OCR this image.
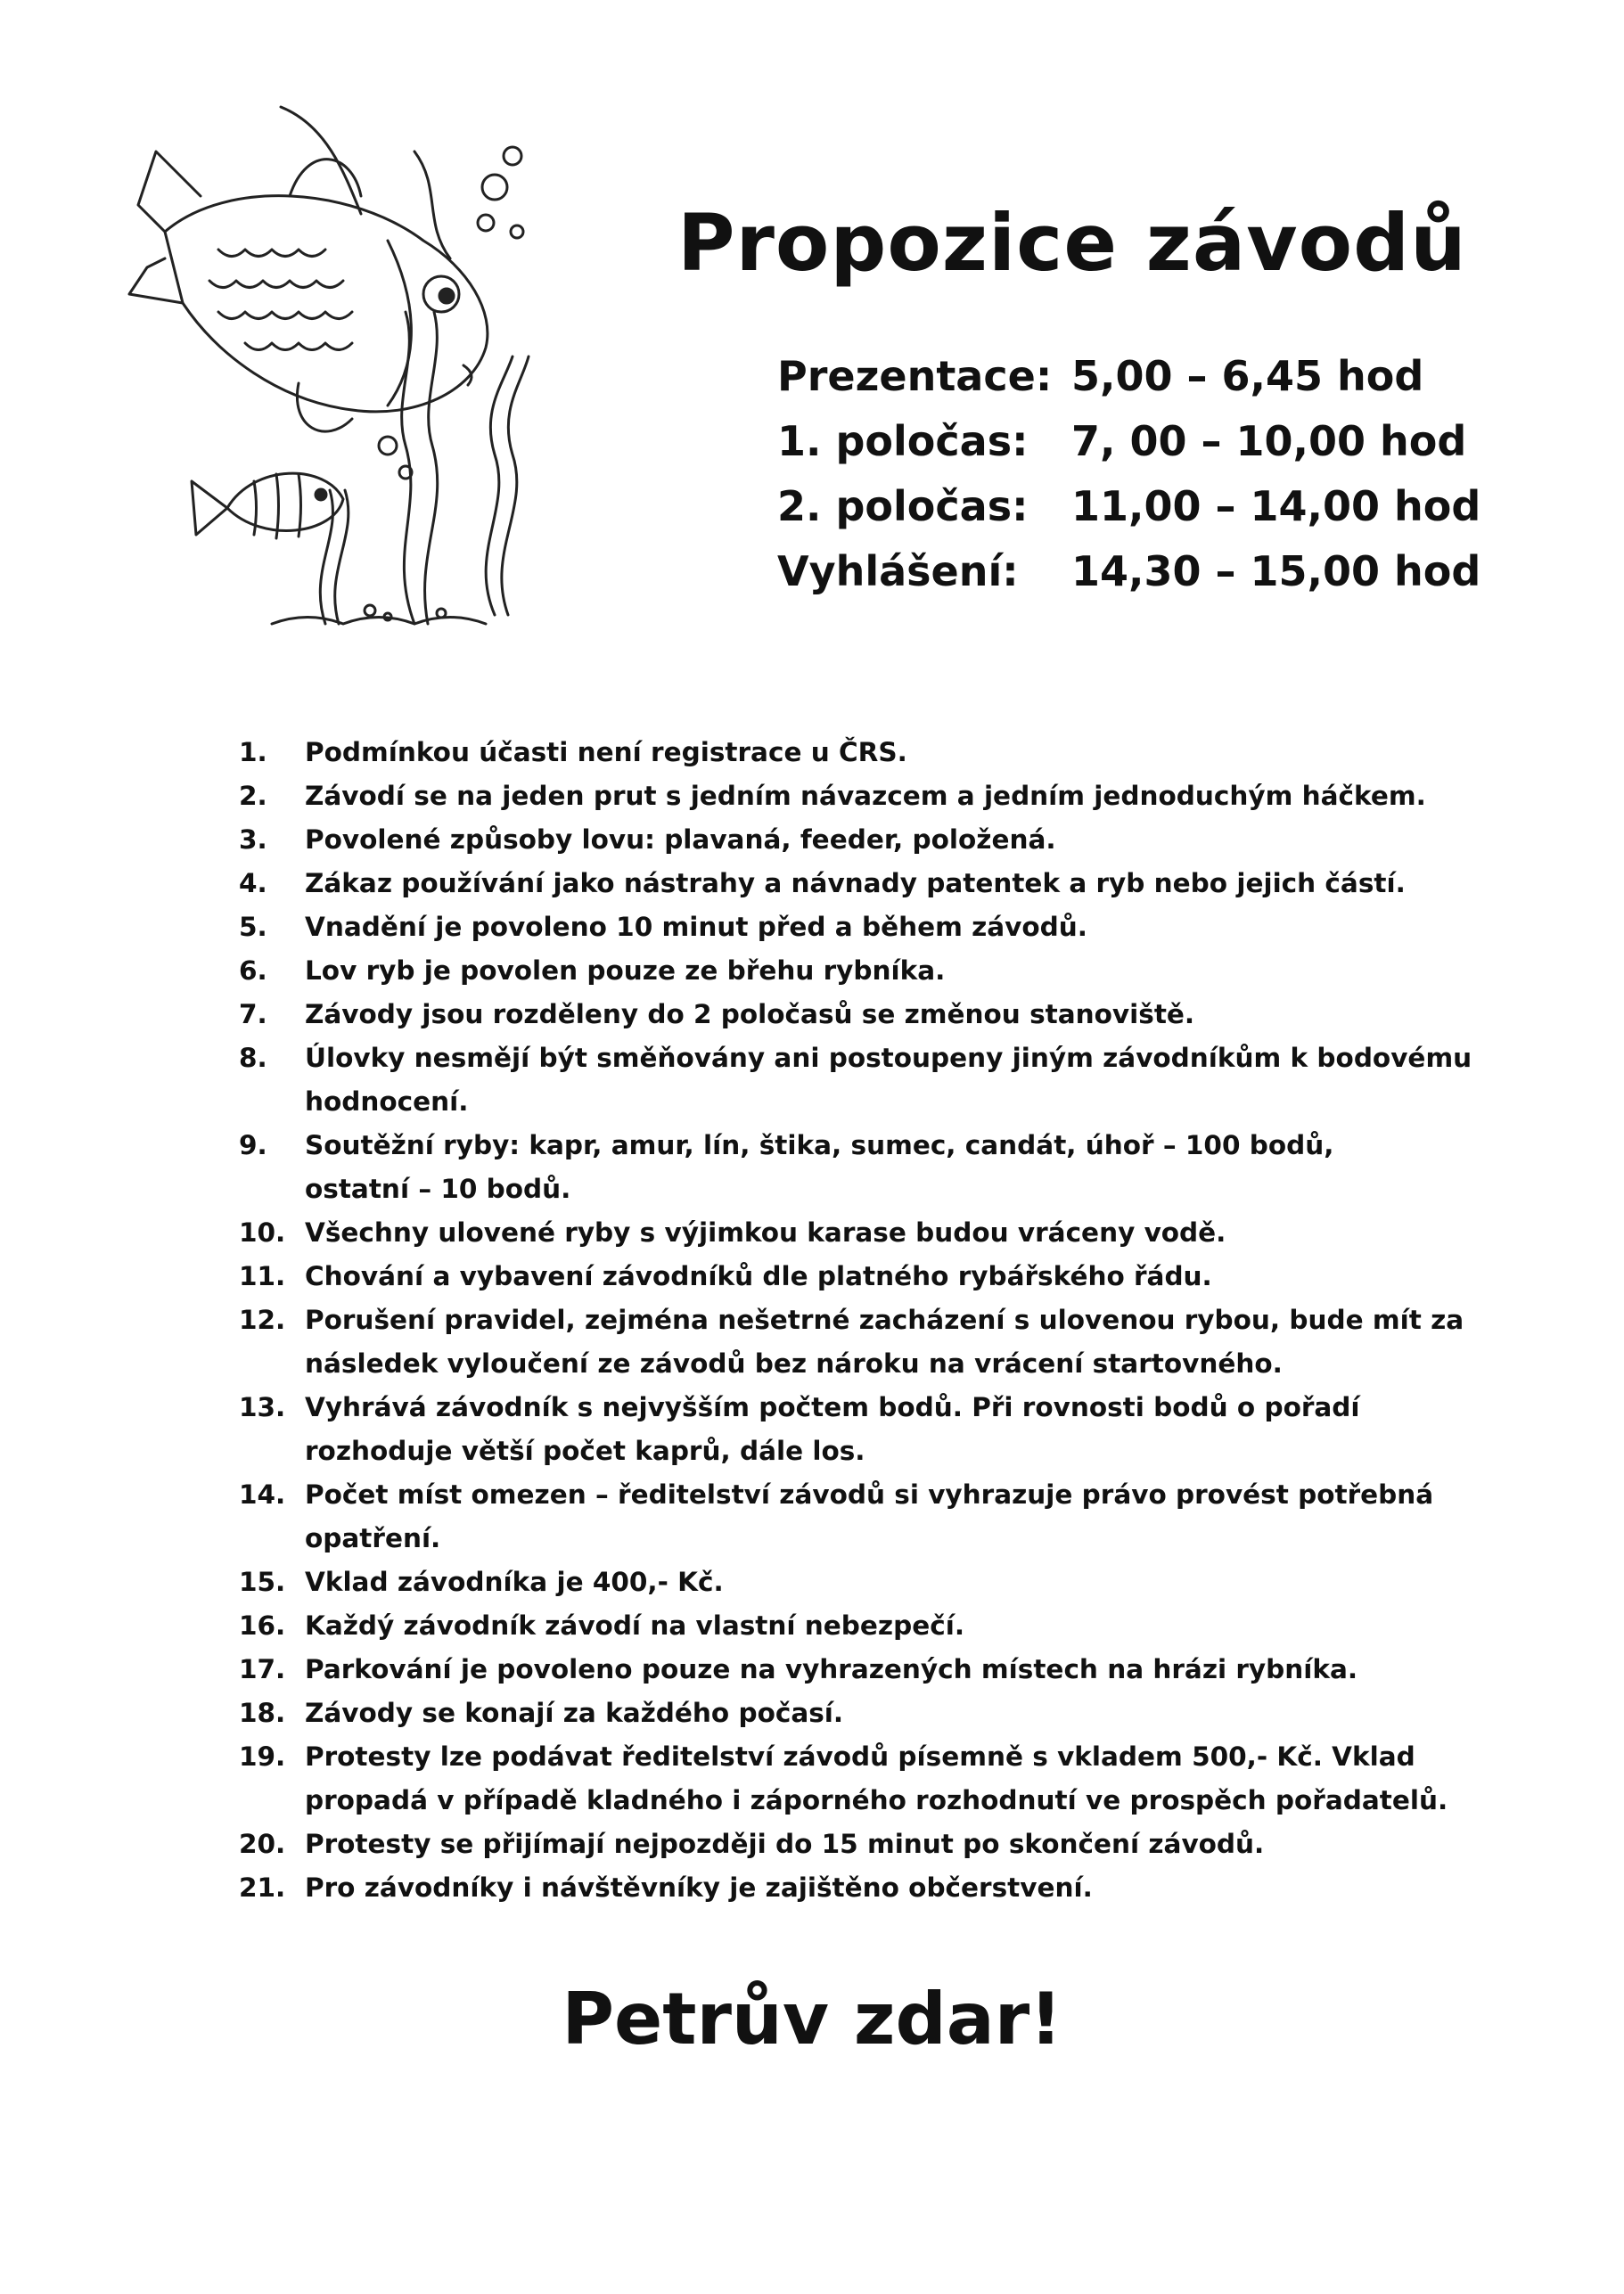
Propozice závodů
Prezentace: 5,00 – 6,45 hod
1. poločas:	7, 00 – 10,00 hod
2. poločas:	11,00 – 14,00 hod
Vyhlášení:	14,30 – 15,00 hod
1.	Podmínkou účasti není registrace u ČRS.
2.	Závodí se na jeden prut s jedním návazcem a jedním jednoduchým háčkem.
3.	Povolené způsoby lovu: plavaná, feeder, položená.
4.	Zákaz používání jako nástrahy a návnady patentek a ryb nebo jejich částí.
5.	Vnadění je povoleno 10 minut před a během závodů.
6.	Lov ryb je povolen pouze ze břehu rybníka.
7.	Závody jsou rozděleny do 2 poločasů se změnou stanoviště.
8.	Úlovky nesmějí být směňovány ani postoupeny jiným závodníkům k bodovému hodnocení.
9.	Soutěžní ryby: kapr, amur, lín, štika, sumec, candát, úhoř – 100 bodů,
ostatní – 10 bodů.
10. Všechny ulovené ryby s výjimkou karase budou vráceny vodě.
11. Chování a vybavení závodníků dle platného rybářského řádu.
12. Porušení pravidel, zejména nešetrné zacházení s ulovenou rybou, bude mít za následek vyloučení ze závodů bez nároku na vrácení startovného.
13. Vyhrává závodník s nejvyšším počtem bodů. Při rovnosti bodů o pořadí rozhoduje větší počet kaprů, dále los.
14. Počet míst omezen – ředitelství závodů si vyhrazuje právo provést potřebná opatření.
15. Vklad závodníka je 400,- Kč.
16. Každý závodník závodí na vlastní nebezpečí.
17. Parkování je povoleno pouze na vyhrazených místech na hrázi rybníka.
18. Závody se konají za každého počasí.
19. Protesty lze podávat ředitelství závodů písemně s vkladem 500,- Kč. Vklad propadá v případě kladného i záporného rozhodnutí ve prospěch pořadatelů.
20. Protesty se přijímají nejpozději do 15 minut po skončení závodů.
21. Pro závodníky i návštěvníky je zajištěno občerstvení.
Petrův zdar!
